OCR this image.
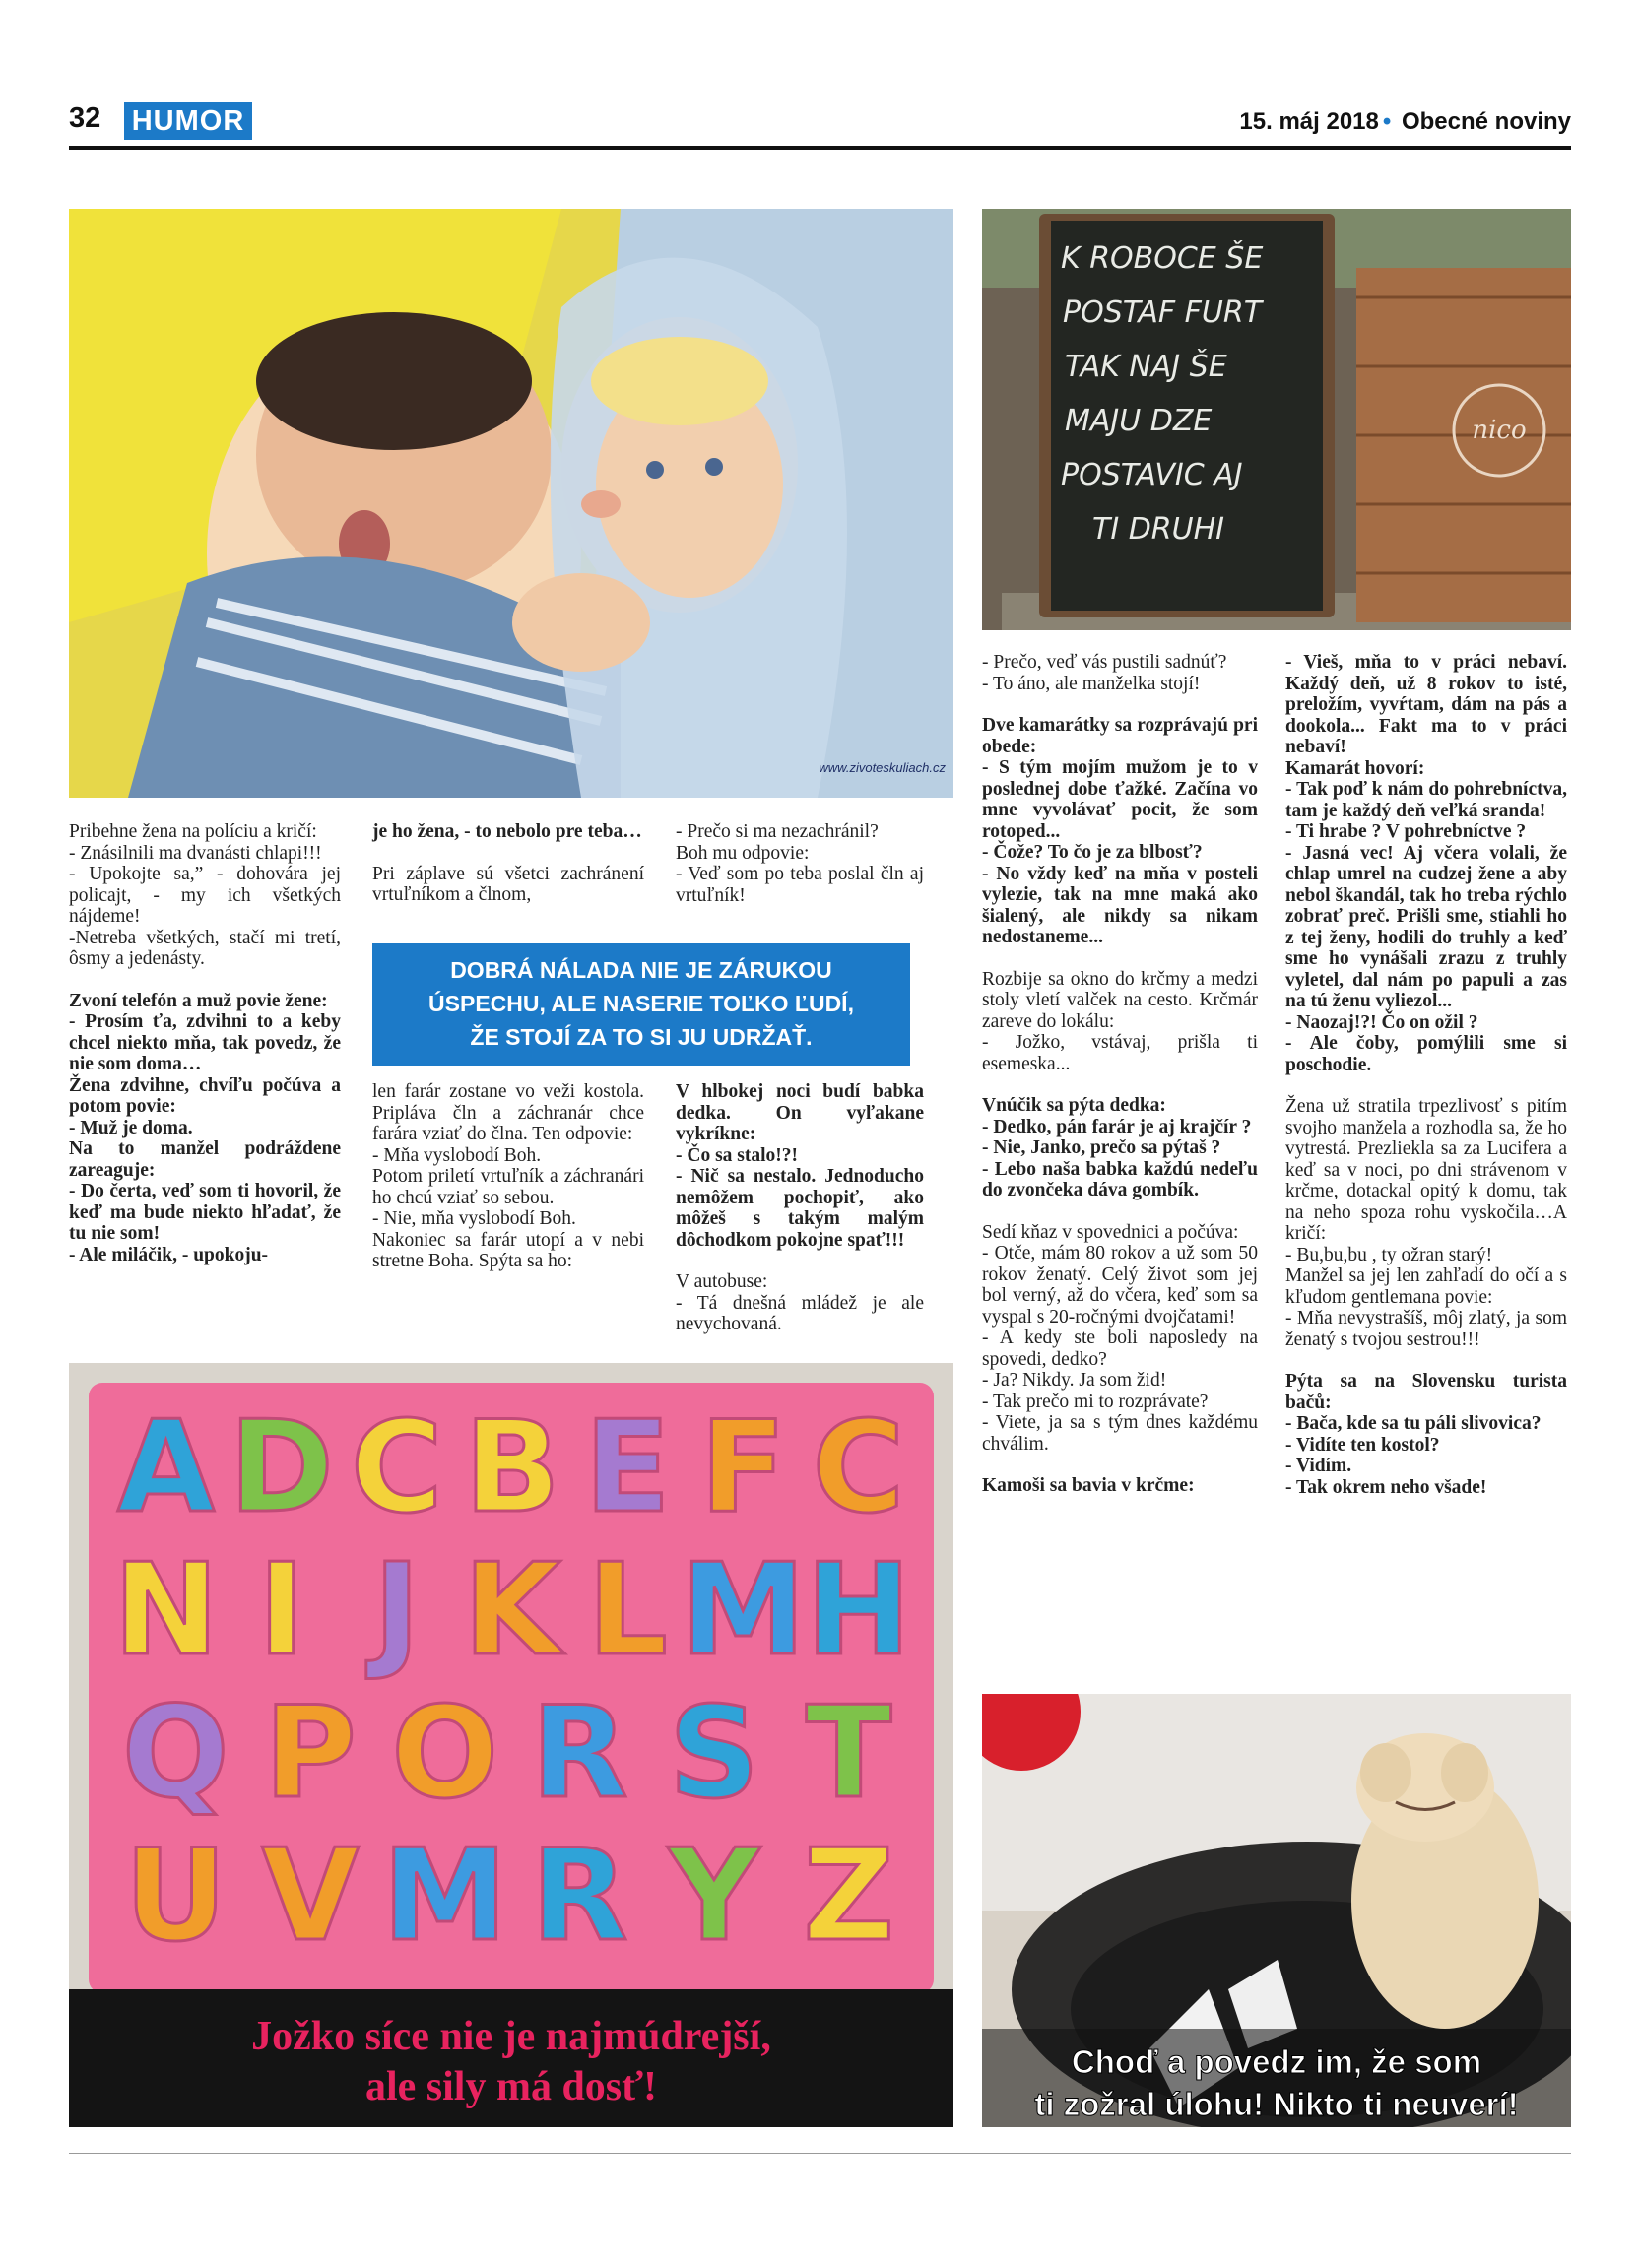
32 HUMOR	15. máj 2018 • Obecné noviny
www.zivoteskuliach.cz
nico
K ROBOCE ŠE
POSTAF FURT
TAK NAJ ŠE
MAJU DZE
POSTAVIC AJ
TI DRUHI
Pribehne žena na políciu a kričí:
- Znásilnili ma dvanásti chlapi!!!
- Upokojte sa,” - dohovára jej policajt, - my ich všetkých nájdeme!
-Netreba všetkých, stačí mi tretí, ôsmy a jedenásty.
Zvoní telefón a muž povie žene:
- Prosím ťa, zdvihni to a keby chcel niekto mňa, tak povedz, že nie som doma…
Žena zdvihne, chvíľu počúva a potom povie:
- Muž je doma.
Na to manžel podráždene zareaguje:
- Do čerta, veď som ti hovoril, že keď ma bude niekto hľadať, že tu nie som!
- Ale miláčik, - upokoju-
je ho žena, - to nebolo pre teba…
Pri záplave sú všetci zachránení vrtuľníkom a člnom,
- Prečo si ma nezachránil?
Boh mu odpovie:
- Veď som po teba poslal čln aj vrtuľník!
DOBRÁ NÁLADA NIE JE ZÁRUKOU
ÚSPECHU, ALE NASERIE TOĽKO ĽUDÍ,
ŽE STOJÍ ZA TO SI JU UDRŽAŤ.
len farár zostane vo veži kostola. Pripláva čln a záchranár chce farára vziať do člna. Ten odpovie:
- Mňa vyslobodí Boh.
Potom priletí vrtuľník a záchranári ho chcú vziať so sebou.
- Nie, mňa vyslobodí Boh.
Nakoniec sa farár utopí a v nebi stretne Boha. Spýta sa ho:
V hlbokej noci budí babka dedka. On vyľakane vykríkne:
- Čo sa stalo!?!
- Nič sa nestalo. Jednoducho nemôžem pochopiť, ako môžeš s takým malým dôchodkom pokojne spať!!!
V autobuse:
- Tá dnešná mládež je ale nevychovaná.
- Prečo, veď vás pustili sadnúť?
- To áno, ale manželka stojí!
Dve kamarátky sa rozprávajú pri obede:
- S tým mojím mužom je to v poslednej dobe ťažké. Začína vo mne vyvolávať pocit, že som rotoped...
- Čože? To čo je za blbosť?
- No vždy keď na mňa v posteli vylezie, tak na mne maká ako šialený, ale nikdy sa nikam nedostaneme...
Rozbije sa okno do krčmy a medzi stoly vletí valček na cesto. Krčmár zareve do lokálu:
- Jožko, vstávaj, prišla ti esemeska...
Vnúčik sa pýta dedka:
- Dedko, pán farár je aj krajčír ?
- Nie, Janko, prečo sa pýtaš ?
- Lebo naša babka každú nedeľu do zvončeka dáva gombík.
Sedí kňaz v spovednici a počúva:
- Otče, mám 80 rokov a už som 50 rokov ženatý. Celý život som jej bol verný, až do včera, keď som sa vyspal s 20-ročnými dvojčatami!
- A kedy ste boli naposledy na spovedi, dedko?
- Ja? Nikdy. Ja som žid!
- Tak prečo mi to rozprávate?
- Viete, ja sa s tým dnes každému chválim.
Kamoši sa bavia v krčme:
- Vieš, mňa to v práci nebaví. Každý deň, už 8 rokov to isté, preložím, vyvŕtam, dám na pás a dookola... Fakt ma to v práci nebaví!
Kamarát hovorí:
- Tak poď k nám do pohrebníctva, tam je každý deň veľká sranda!
- Ti hrabe ? V pohrebníctve ?
- Jasná vec! Aj včera volali, že chlap umrel na cudzej žene a aby nebol škandál, tak ho treba rýchlo zobrať preč. Prišli sme, stiahli ho z tej ženy, hodili do truhly a keď sme ho vynášali zrazu z truhly vyletel, dal nám po papuli a zas na tú ženu vyliezol...
- Naozaj!?! Čo on ožil ?
- Ale čoby, pomýlili sme si poschodie.
Žena už stratila trpezlivosť s pitím svojho manžela a rozhodla sa, že ho vytrestá. Prezliekla sa za Lucifera a keď sa v noci, po dni strávenom v krčme, dotackal opitý k domu, tak na neho spoza rohu vyskočila…A kričí:
- Bu,bu,bu , ty ožran starý!
Manžel sa jej len zahľadí do očí a s kľudom gentlemana povie:
- Mňa nevystrašíš, môj zlatý, ja som ženatý s tvojou sestrou!!!
Pýta sa na Slovensku turista bačů:
- Bača, kde sa tu páli slivovica?
- Vidíte ten kostol?
- Vidím.
- Tak okrem neho všade!
A D C B E F C
N I J K L M H
Q P O R S T
U V M R Y Z
Jožko síce nie je najmúdrejší,
ale sily má dosť!
Choď a povedz im, že som
ti zožral úlohu! Nikto ti neuverí!
